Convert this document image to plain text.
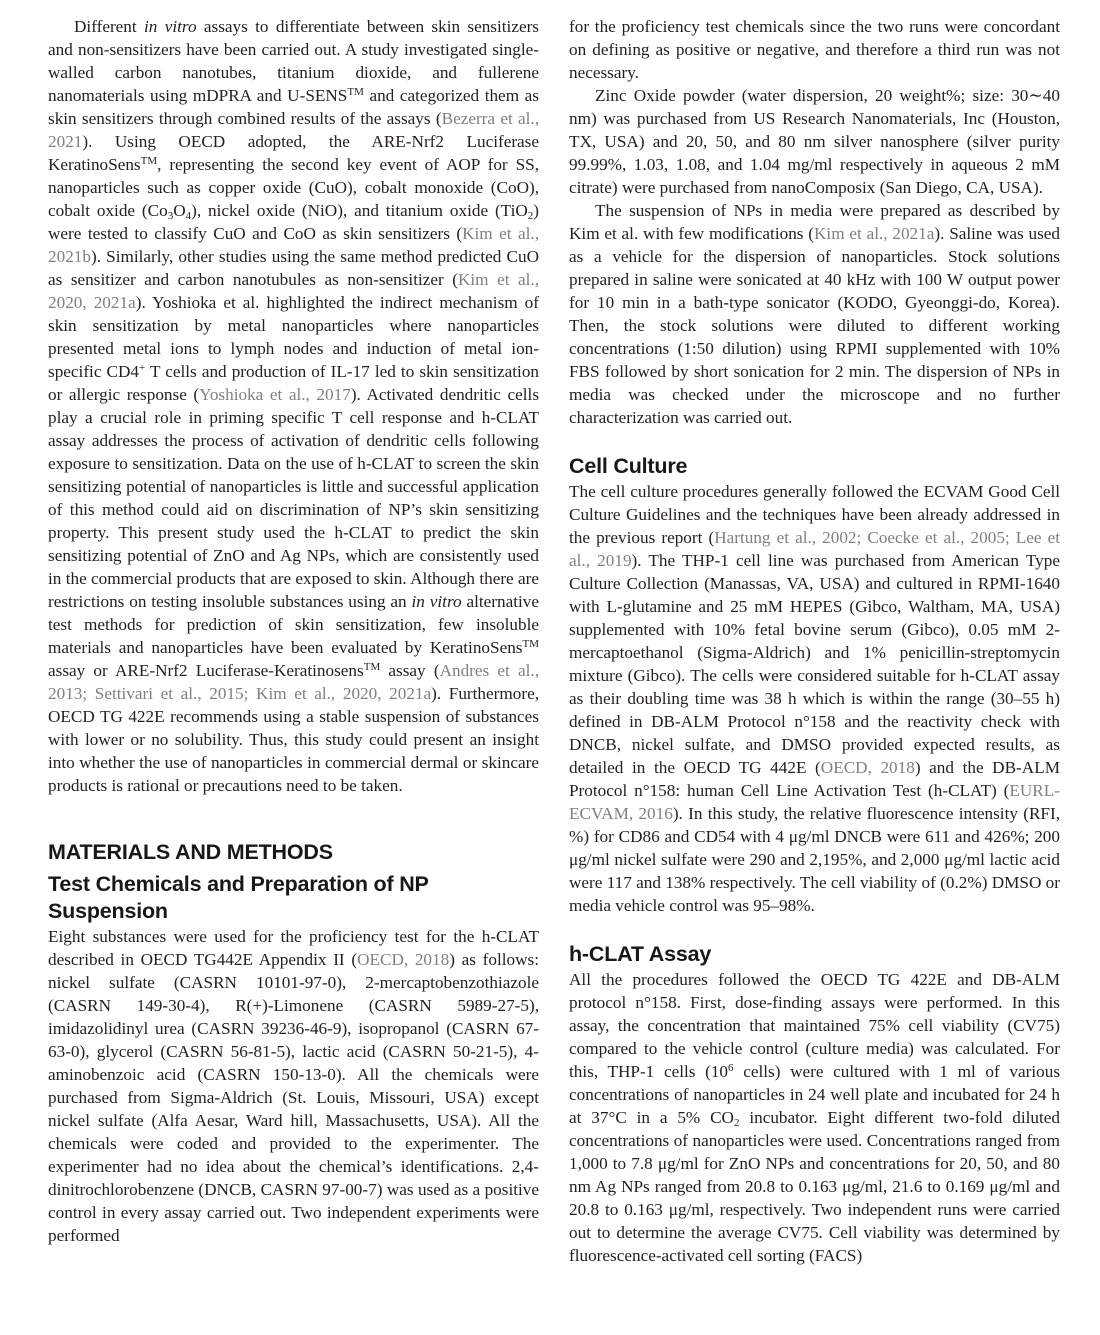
Different in vitro assays to differentiate between skin sensitizers and non-sensitizers have been carried out. A study investigated single-walled carbon nanotubes, titanium dioxide, and fullerene nanomaterials using mDPRA and U-SENS™ and categorized them as skin sensitizers through combined results of the assays (Bezerra et al., 2021). Using OECD adopted, the ARE-Nrf2 Luciferase KeratinoSens™, representing the second key event of AOP for SS, nanoparticles such as copper oxide (CuO), cobalt monoxide (CoO), cobalt oxide $(Co_3O_4)$, nickel oxide (NiO), and titanium oxide (TiO$_2$) were tested to classify CuO and CoO as skin sensitizers (Kim et al., 2021b). Similarly, other studies using the same method predicted CuO as sensitizer and carbon nanotubules as non-sensitizer (Kim et al., 2020, 2021a). Yoshioka et al. highlighted the indirect mechanism of skin sensitization by metal nanoparticles where nanoparticles presented metal ions to lymph nodes and induction of metal ion-specific CD4+ T cells and production of IL-17 led to skin sensitization or allergic response (Yoshioka et al., 2017). Activated dendritic cells play a crucial role in priming specific T cell response and h-CLAT assay addresses the process of activation of dendritic cells following exposure to sensitization. Data on the use of h-CLAT to screen the skin sensitizing potential of nanoparticles is little and successful application of this method could aid on discrimination of NP’s skin sensitizing property. This present study used the h-CLAT to predict the skin sensitizing potential of ZnO and Ag NPs, which are consistently used in the commercial products that are exposed to skin. Although there are restrictions on testing insoluble substances using an in vitro alternative test methods for prediction of skin sensitization, few insoluble materials and nanoparticles have been evaluated by KeratinoSens™ assay or ARE-Nrf2 Luciferase-Keratinosens™ assay (Andres et al., 2013; Settivari et al., 2015; Kim et al., 2020, 2021a). Furthermore, OECD TG 422E recommends using a stable suspension of substances with lower or no solubility. Thus, this study could present an insight into whether the use of nanoparticles in commercial dermal or skincare products is rational or precautions need to be taken.

MATERIALS AND METHODS
Test Chemicals and Preparation of NP Suspension

Eight substances were used for the proficiency test for the h-CLAT described in OECD TG442E Appendix II (OECD, 2018) as follows: nickel sulfate (CASRN 10101-97-0), 2-mercaptobenzothiazole (CASRN 149-30-4), R(+)-Limonene (CASRN 5989-27-5), imidazolidinyl urea (CASRN 39236-46-9), isopropanol (CASRN 67-63-0), glycerol (CASRN 56-81-5), lactic acid (CASRN 50-21-5), 4-aminobenzoic acid (CASRN 150-13-0). All the chemicals were purchased from Sigma-Aldrich (St. Louis, Missouri, USA) except nickel sulfate (Alfa Aesar, Ward hill, Massachusetts, USA). All the chemicals were coded and provided to the experimenter. The experimenter had no idea about the chemical’s identifications. 2,4-dinitrochlorobenzene (DNCB, CASRN 97-00-7) was used as a positive control in every assay carried out. Two independent experiments were performed

for the proficiency test chemicals since the two runs were concordant on defining as positive or negative, and therefore a third run was not necessary.

Zinc Oxide powder (water dispersion, 20 weight%; size: 30∼40 nm) was purchased from US Research Nanomaterials, Inc (Houston, TX, USA) and 20, 50, and 80 nm silver nanosphere (silver purity 99.99%, 1.03, 1.08, and 1.04 mg/ml respectively in aqueous 2 mM citrate) were purchased from nanoComposix (San Diego, CA, USA).

The suspension of NPs in media were prepared as described by Kim et al. with few modifications (Kim et al., 2021a). Saline was used as a vehicle for the dispersion of nanoparticles. Stock solutions prepared in saline were sonicated at 40 kHz with 100 W output power for 10 min in a bath-type sonicator (KODO, Gyeonggi-do, Korea). Then, the stock solutions were diluted to different working concentrations (1:50 dilution) using RPMI supplemented with 10% FBS followed by short sonication for 2 min. The dispersion of NPs in media was checked under the microscope and no further characterization was carried out.

Cell Culture

The cell culture procedures generally followed the ECVAM Good Cell Culture Guidelines and the techniques have been already addressed in the previous report (Hartung et al., 2002; Coecke et al., 2005; Lee et al., 2019). The THP-1 cell line was purchased from American Type Culture Collection (Manassas, VA, USA) and cultured in RPMI-1640 with L-glutamine and 25 mM HEPES (Gibco, Waltham, MA, USA) supplemented with 10% fetal bovine serum (Gibco), 0.05 mM 2-mercaptoethanol (Sigma-Aldrich) and 1% penicillin-streptomycin mixture (Gibco). The cells were considered suitable for h-CLAT assay as their doubling time was 38 h which is within the range (30–55 h) defined in DB-ALM Protocol n°158 and the reactivity check with DNCB, nickel sulfate, and DMSO provided expected results, as detailed in the OECD TG 442E (OECD, 2018) and the DB-ALM Protocol n°158: human Cell Line Activation Test (h-CLAT) (EURL-ECVAM, 2016). In this study, the relative fluorescence intensity (RFI, %) for CD86 and CD54 with 4 μg/ml DNCB were 611 and 426%; 200 μg/ml nickel sulfate were 290 and 2,195%, and 2,000 μg/ml lactic acid were 117 and 138% respectively. The cell viability of (0.2%) DMSO or media vehicle control was 95–98%.

h-CLAT Assay

All the procedures followed the OECD TG 422E and DB-ALM protocol n°158. First, dose-finding assays were performed. In this assay, the concentration that maintained 75% cell viability (CV75) compared to the vehicle control (culture media) was calculated. For this, THP-1 cells ($10^6$ cells) were cultured with 1 ml of various concentrations of nanoparticles in 24 well plate and incubated for 24 h at 37°C in a 5% $CO_2$ incubator. Eight different two-fold diluted concentrations of nanoparticles were used. Concentrations ranged from 1,000 to 7.8 μg/ml for ZnO NPs and concentrations for 20, 50, and 80 nm Ag NPs ranged from 20.8 to 0.163 μg/ml, 21.6 to 0.169 μg/ml and 20.8 to 0.163 μg/ml, respectively. Two independent runs were carried out to determine the average CV75. Cell viability was determined by fluorescence-activated cell sorting (FACS)
